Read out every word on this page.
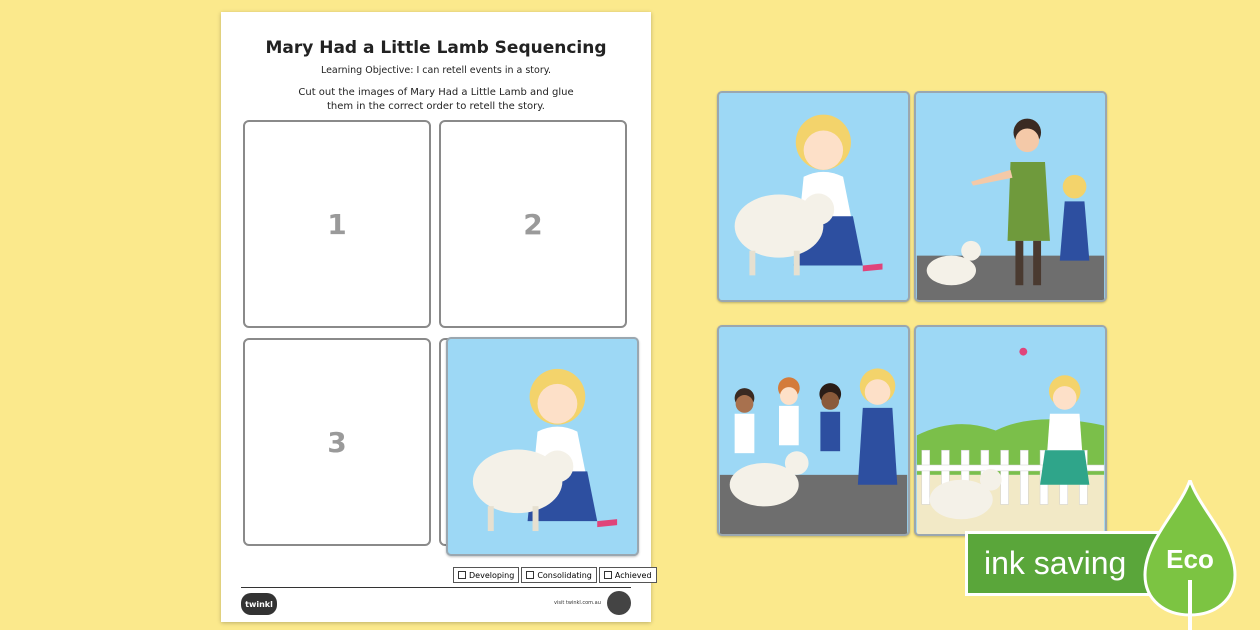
Mary Had a Little Lamb Sequencing
Learning Objective: I can retell events in a story.
Cut out the images of Mary Had a Little Lamb and glue
them in the correct order to retell the story.
1	2
3
Developing	Consolidating	Achieved
twinkl	visit twinkl.com.au
ink saving Eco
